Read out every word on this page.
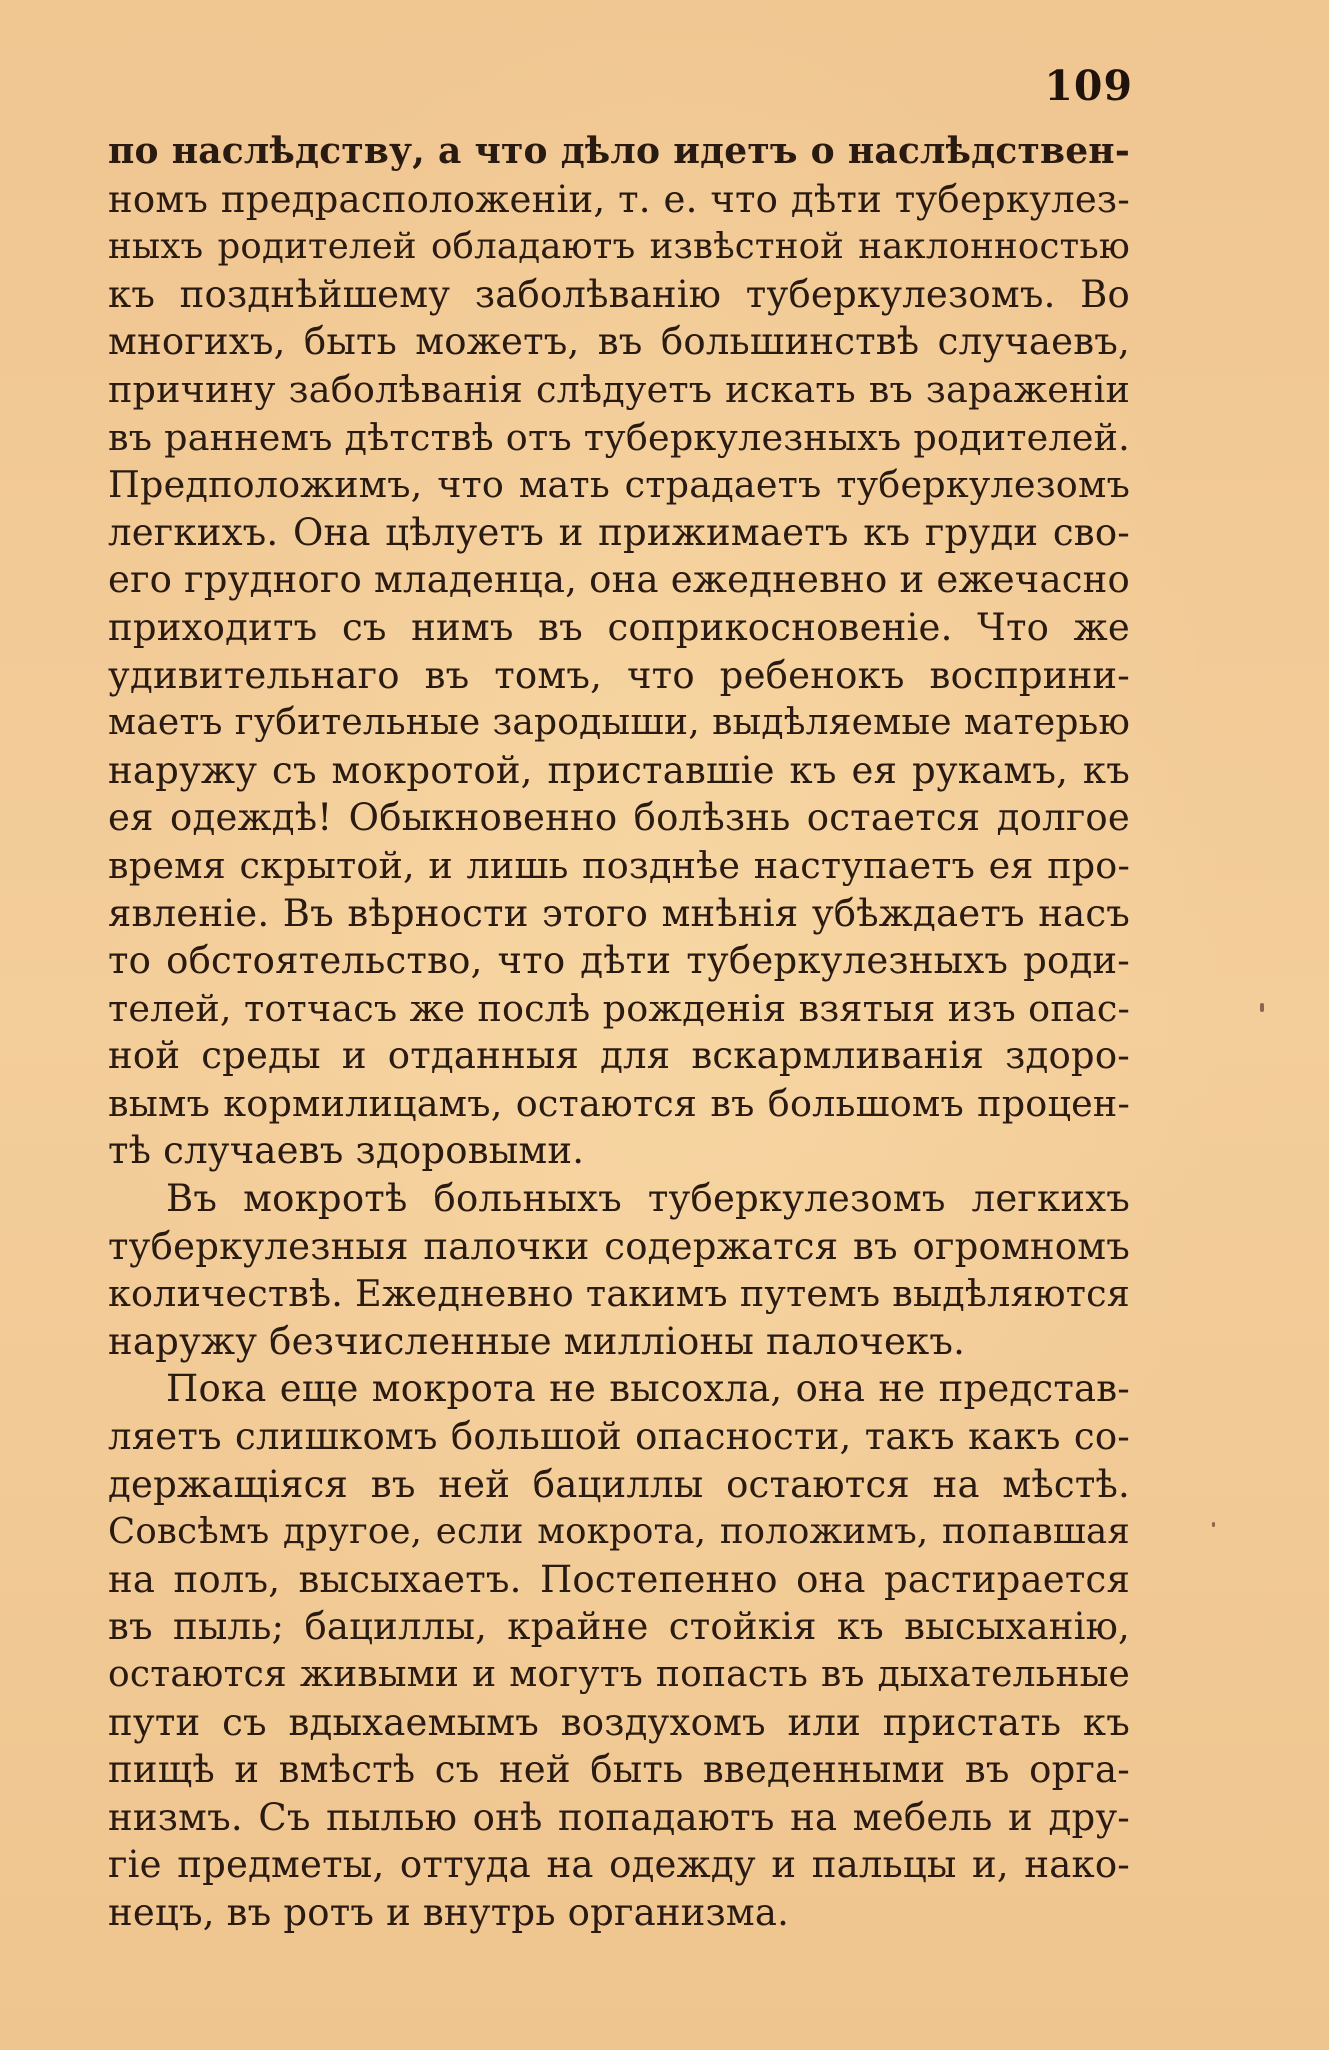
109
по наслѣдству, а что дѣло идетъ о наслѣдствен-
номъ предрасположеніи, т. е. что дѣти туберкулез-
ныхъ родителей обладаютъ извѣстной наклонностью
къ позднѣйшему заболѣванію туберкулезомъ. Во
многихъ, быть можетъ, въ большинствѣ случаевъ,
причину заболѣванія слѣдуетъ искать въ зараженіи
въ раннемъ дѣтствѣ отъ туберкулезныхъ родителей.
Предположимъ, что мать страдаетъ туберкулезомъ
легкихъ. Она цѣлуетъ и прижимаетъ къ груди сво-
его грудного младенца, она ежедневно и ежечасно
приходитъ съ нимъ въ соприкосновеніе. Что же
удивительнаго въ томъ, что ребенокъ восприни-
маетъ губительные зародыши, выдѣляемые матерью
наружу съ мокротой, приставшіе къ ея рукамъ, къ
ея одеждѣ! Обыкновенно болѣзнь остается долгое
время скрытой, и лишь позднѣе наступаетъ ея про-
явленіе. Въ вѣрности этого мнѣнія убѣждаетъ насъ
то обстоятельство, что дѣти туберкулезныхъ роди-
телей, тотчасъ же послѣ рожденія взятыя изъ опас-
ной среды и отданныя для вскармливанія здоро-
вымъ кормилицамъ, остаются въ большомъ процен-
тѣ случаевъ здоровыми.
Въ мокротѣ больныхъ туберкулезомъ легкихъ
туберкулезныя палочки содержатся въ огромномъ
количествѣ. Ежедневно такимъ путемъ выдѣляются
наружу безчисленные милліоны палочекъ.
Пока еще мокрота не высохла, она не представ-
ляетъ слишкомъ большой опасности, такъ какъ со-
держащіяся въ ней бациллы остаются на мѣстѣ.
Совсѣмъ другое, если мокрота, положимъ, попавшая
на полъ, высыхаетъ. Постепенно она растирается
въ пыль; бациллы, крайне стойкія къ высыханію,
остаются живыми и могутъ попасть въ дыхательные
пути съ вдыхаемымъ воздухомъ или пристать къ
пищѣ и вмѣстѣ съ ней быть введенными въ орга-
низмъ. Съ пылью онѣ попадаютъ на мебель и дру-
гіе предметы, оттуда на одежду и пальцы и, нако-
нецъ, въ ротъ и внутрь организма.
